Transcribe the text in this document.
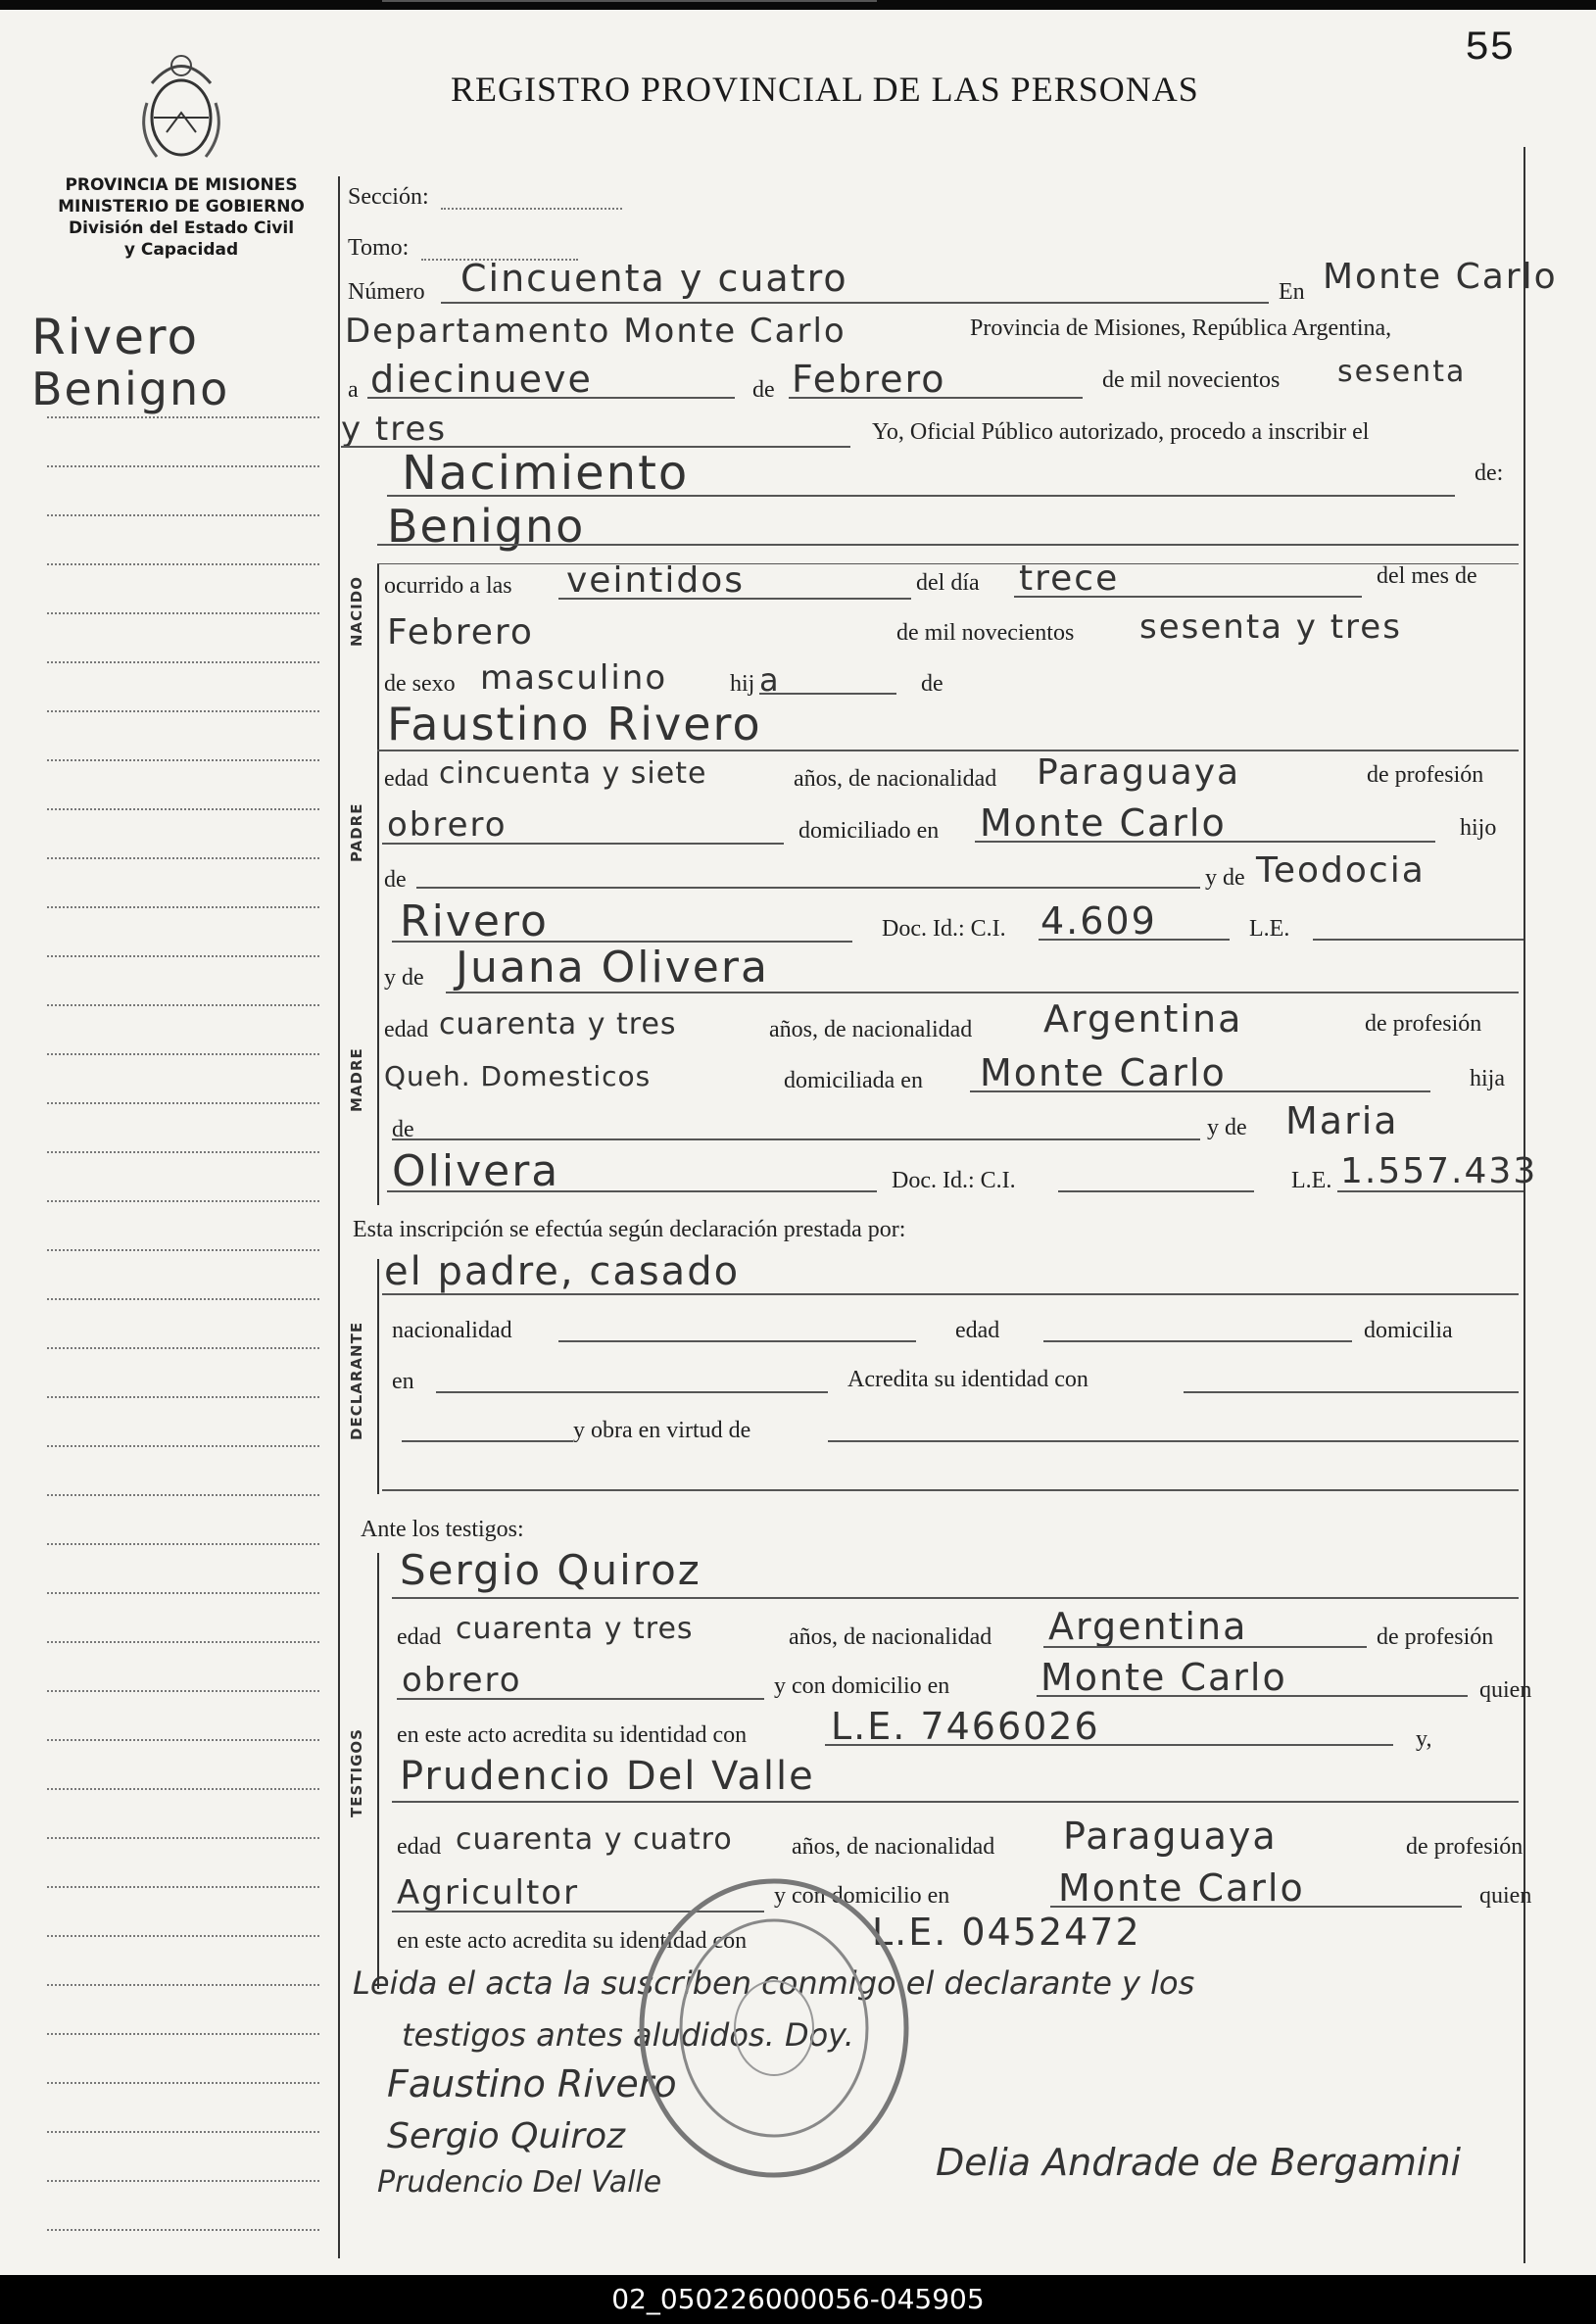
55
REGISTRO PROVINCIAL DE LAS PERSONAS
PROVINCIA DE MISIONES
MINISTERIO DE GOBIERNO
División del Estado Civil
y Capacidad
Rivero
Benigno
NACIDO
PADRE
MADRE
DECLARANTE
TESTIGOS
Sección:
Tomo:
Número Cincuenta y cuatro	En Monte Carlo
Departamento Monte Carlo	Provincia de Misiones, República Argentina,
a diecinueve	de Febrero	de mil novecientos sesenta
y tres	Yo, Oficial Público autorizado, procedo a inscribir el
Nacimiento	de:
Benigno
ocurrido a las veintidos	del día trece	del mes de
Febrero	de mil novecientos sesenta y tres
de sexo masculino	hij a	de
Faustino Rivero
edad cincuenta y siete	años, de nacionalidad Paraguaya	de profesión
obrero	domiciliado en Monte Carlo	hijo
de	y de Teodocia
Rivero	Doc. Id.: C.I. 4.609	L.E.
y de Juana Olivera
edad cuarenta y tres	años, de nacionalidad Argentina	de profesión
Queh. Domesticos	domiciliada en Monte Carlo	hija
de	y de Maria
Olivera	Doc. Id.: C.I.	L.E. 1.557.433
Esta inscripción se efectúa según declaración prestada por:
el padre, casado
nacionalidad	edad	domicilia
en	Acredita su identidad con
y obra en virtud de
Ante los testigos:
Sergio Quiroz
edad cuarenta y tres	años, de nacionalidad Argentina	de profesión
obrero	y con domicilio en Monte Carlo	quien
en este acto acredita su identidad con L.E. 7466026	y,
Prudencio Del Valle
edad cuarenta y cuatro	años, de nacionalidad Paraguaya	de profesión
Agricultor	y con domicilio en	Monte Carlo	quien
en este acto acredita su identidad con	L.E. 0452472
Leida el acta la suscriben conmigo el declarante y los
testigos antes aludidos. Doy.
Faustino Rivero
Sergio Quiroz
Prudencio Del Valle	Delia Andrade de Bergamini
02_050226000056-045905
